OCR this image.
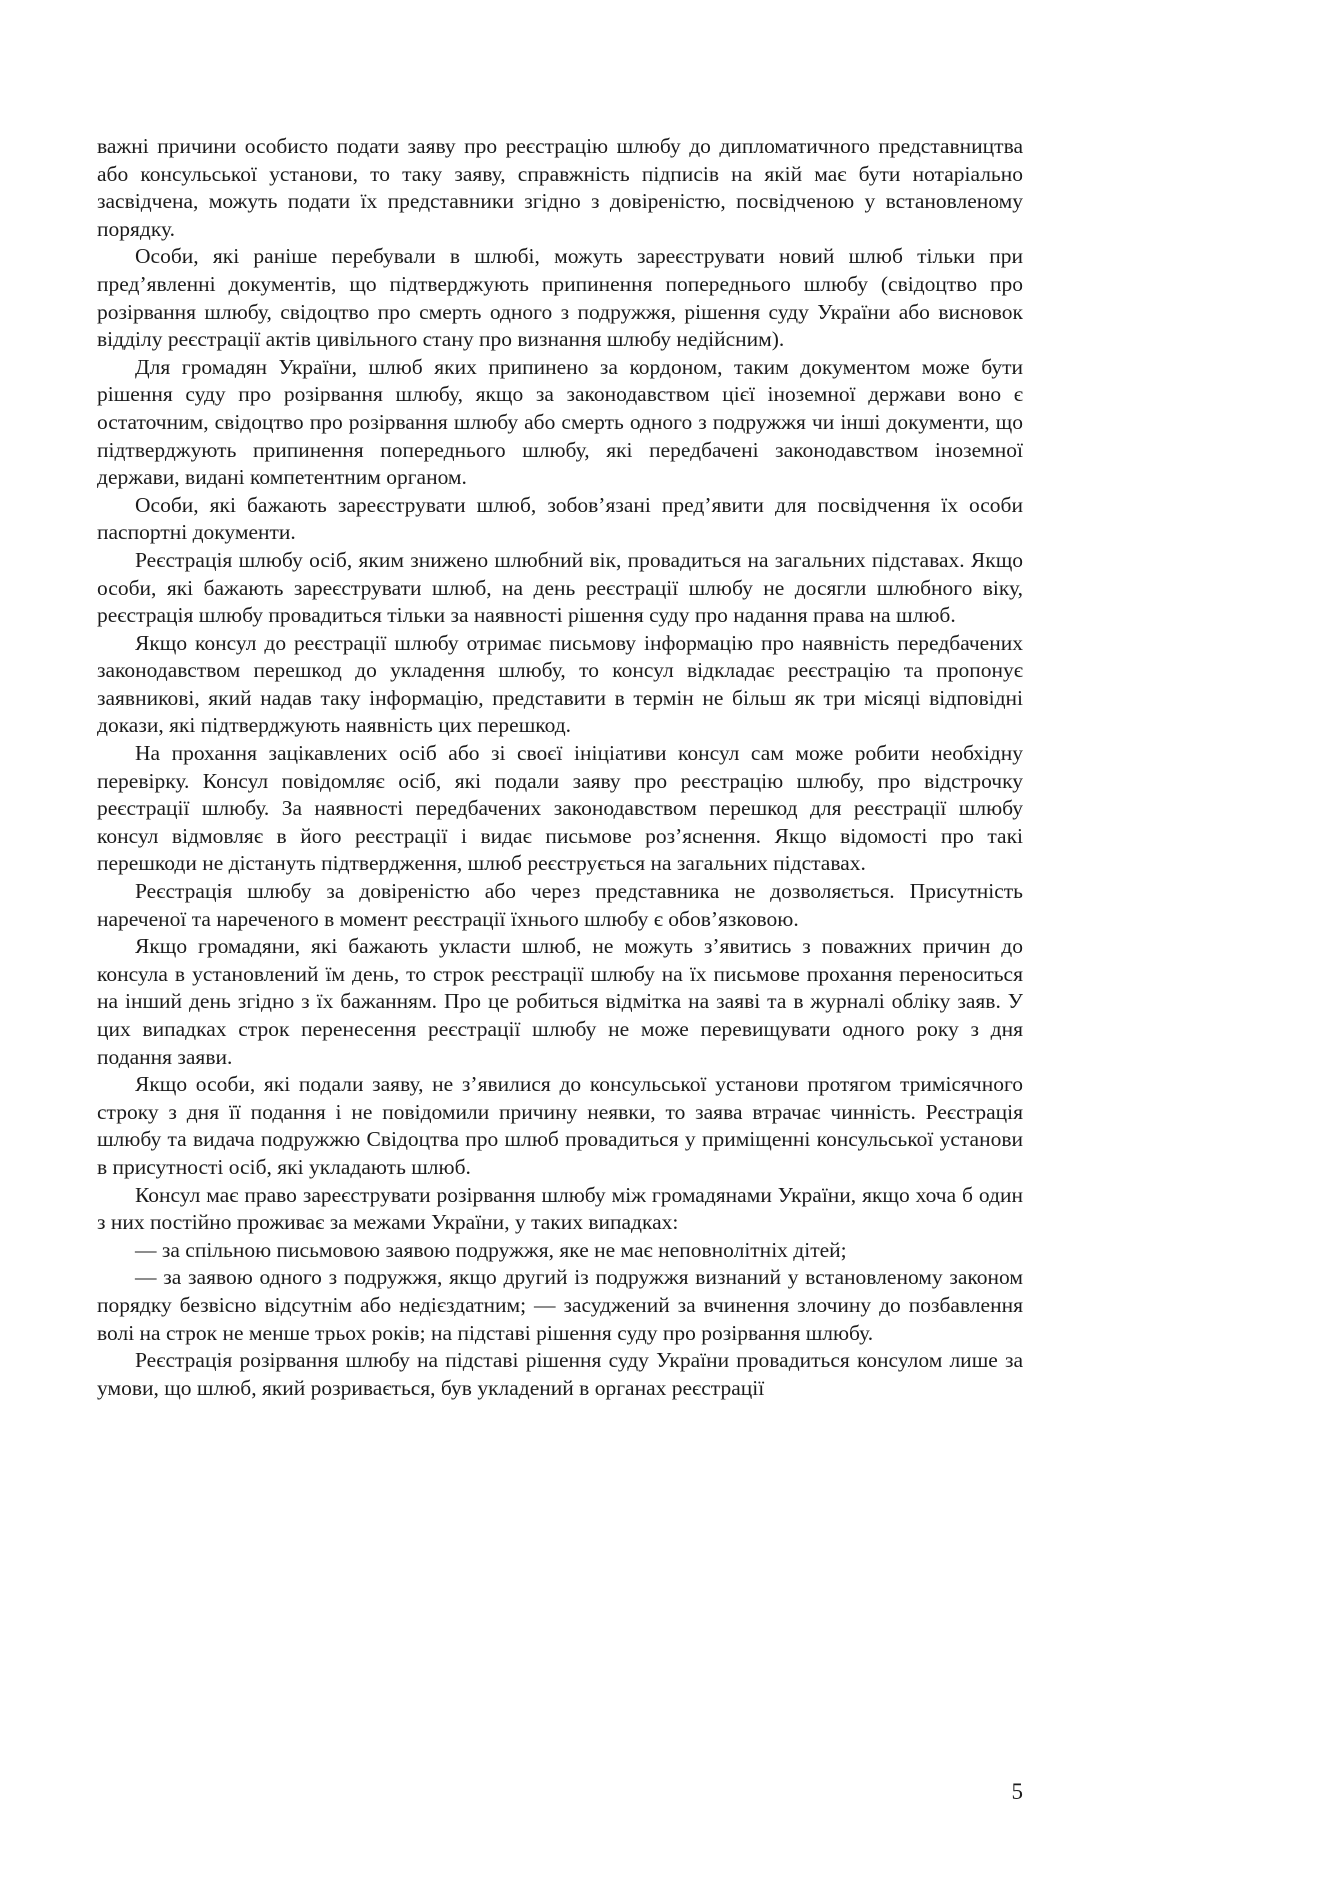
важні причини особисто подати заяву про реєстрацію шлюбу до дипломатичного представництва або консульської установи, то таку заяву, справжність підписів на якій має бути нотаріально засвідчена, можуть подати їх представники згідно з довіреністю, посвідченою у встановленому порядку.

Особи, які раніше перебували в шлюбі, можуть зареєструвати новий шлюб тільки при пред’явленні документів, що підтверджують припинення попереднього шлюбу (свідоцтво про розірвання шлюбу, свідоцтво про смерть одного з подружжя, рішення суду України або висновок відділу реєстрації актів цивільного стану про визнання шлюбу недійсним).

Для громадян України, шлюб яких припинено за кордоном, таким документом може бути рішення суду про розірвання шлюбу, якщо за законодавством цієї іноземної держави воно є остаточним, свідоцтво про розірвання шлюбу або смерть одного з подружжя чи інші документи, що підтверджують припинення попереднього шлюбу, які передбачені законодавством іноземної держави, видані компетентним органом.

Особи, які бажають зареєструвати шлюб, зобов’язані пред’явити для посвідчення їх особи паспортні документи.

Реєстрація шлюбу осіб, яким знижено шлюбний вік, провадиться на загальних підставах. Якщо особи, які бажають зареєструвати шлюб, на день реєстрації шлюбу не досягли шлюбного віку, реєстрація шлюбу провадиться тільки за наявності рішення суду про надання права на шлюб.

Якщо консул до реєстрації шлюбу отримає письмову інформацію про наявність передбачених законодавством перешкод до укладення шлюбу, то консул відкладає реєстрацію та пропонує заявникові, який надав таку інформацію, представити в термін не більш як три місяці відповідні докази, які підтверджують наявність цих перешкод.

На прохання зацікавлених осіб або зі своєї ініціативи консул сам може робити необхідну перевірку. Консул повідомляє осіб, які подали заяву про реєстрацію шлюбу, про відстрочку реєстрації шлюбу. За наявності передбачених законодавством перешкод для реєстрації шлюбу консул відмовляє в його реєстрації і видає письмове роз’яснення. Якщо відомості про такі перешкоди не дістануть підтвердження, шлюб реєструється на загальних підставах.

Реєстрація шлюбу за довіреністю або через представника не дозволяється. Присутність нареченої та нареченого в момент реєстрації їхнього шлюбу є обов’язковою.

Якщо громадяни, які бажають укласти шлюб, не можуть з’явитись з поважних причин до консула в установлений їм день, то строк реєстрації шлюбу на їх письмове прохання переноситься на інший день згідно з їх бажанням. Про це робиться відмітка на заяві та в журналі обліку заяв. У цих випадках строк перенесення реєстрації шлюбу не може перевищувати одного року з дня подання заяви.

Якщо особи, які подали заяву, не з’явилися до консульської установи протягом тримісячного строку з дня її подання і не повідомили причину неявки, то заява втрачає чинність. Реєстрація шлюбу та видача подружжю Свідоцтва про шлюб провадиться у приміщенні консульської установи в присутності осіб, які укладають шлюб.

Консул має право зареєструвати розірвання шлюбу між громадянами України, якщо хоча б один з них постійно проживає за межами України, у таких випадках:

— за спільною письмовою заявою подружжя, яке не має неповнолітніх дітей;

— за заявою одного з подружжя, якщо другий із подружжя визнаний у встановленому законом порядку безвісно відсутнім або недієздатним; — засуджений за вчинення злочину до позбавлення волі на строк не менше трьох років; на підставі рішення суду про розірвання шлюбу.

Реєстрація розірвання шлюбу на підставі рішення суду України провадиться консулом лише за умови, що шлюб, який розривається, був укладений в органах реєстрації

5
